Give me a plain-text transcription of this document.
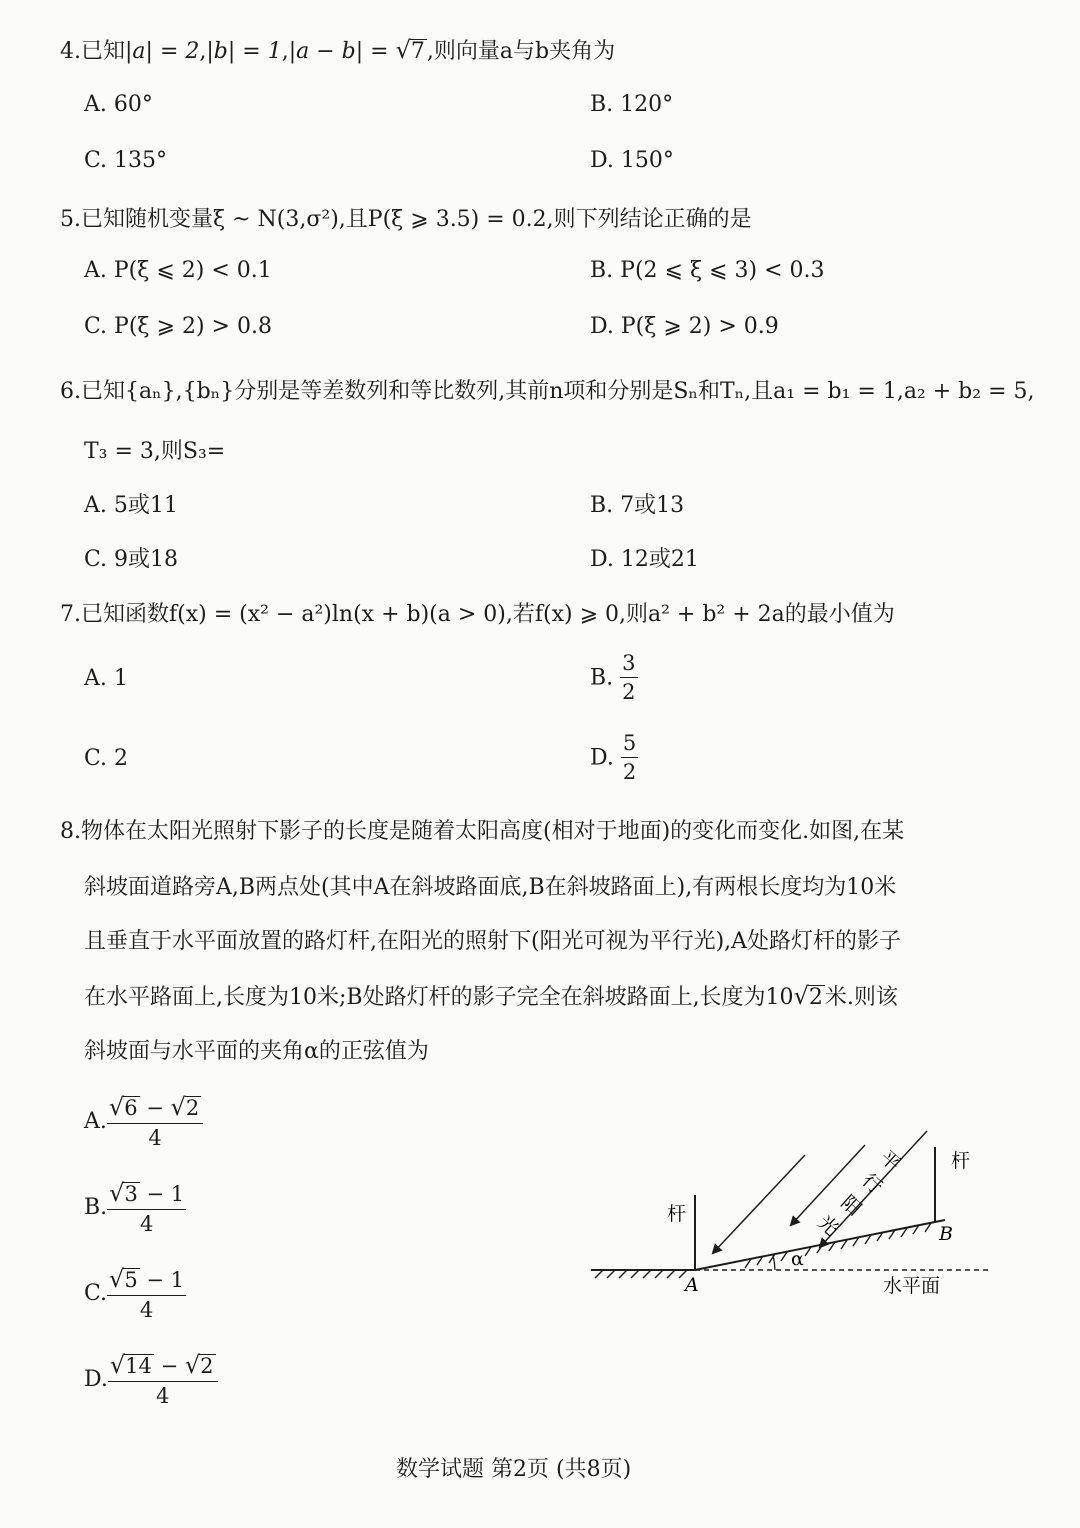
4.已知|a| = 2,|b| = 1,|a − b| = √7,则向量a与b夹角为
A. 60°	B. 120°
C. 135°	D. 150°
5.已知随机变量ξ ~ N(3,σ²),且P(ξ ⩾ 3.5) = 0.2,则下列结论正确的是
A. P(ξ ⩽ 2) < 0.1	B. P(2 ⩽ ξ ⩽ 3) < 0.3
C. P(ξ ⩾ 2) > 0.8	D. P(ξ ⩾ 2) > 0.9
6.已知{aₙ},{bₙ}分别是等差数列和等比数列,其前n项和分别是Sₙ和Tₙ,且a₁ = b₁ = 1,a₂ + b₂ = 5,
T₃ = 3,则S₃=
A. 5或11	B. 7或13
C. 9或18	D. 12或21
7.已知函数f(x) = (x² − a²)ln(x + b)(a > 0),若f(x) ⩾ 0,则a² + b² + 2a的最小值为
A. 1	B. $\frac{3}{2}$
C. 2	D. $\frac{5}{2}$
8.物体在太阳光照射下影子的长度是随着太阳高度(相对于地面)的变化而变化.如图,在某
斜坡面道路旁A,B两点处(其中A在斜坡路面底,B在斜坡路面上),有两根长度均为10米
且垂直于水平面放置的路灯杆,在阳光的照射下(阳光可视为平行光),A处路灯杆的影子
在水平路面上,长度为10米;B处路灯杆的影子完全在斜坡路面上,长度为10√2米.则该
斜坡面与水平面的夹角α的正弦值为
A. $\frac{√6 - √2}{4}$
B. $\frac{√3 - 1}{4}$
C. $\frac{√5 - 1}{4}$
D. $\frac{√14 - √2}{4}$
杆
杆
平
行
阳
光
A
B
α
水平面
数学试题 第2页 (共8页)
